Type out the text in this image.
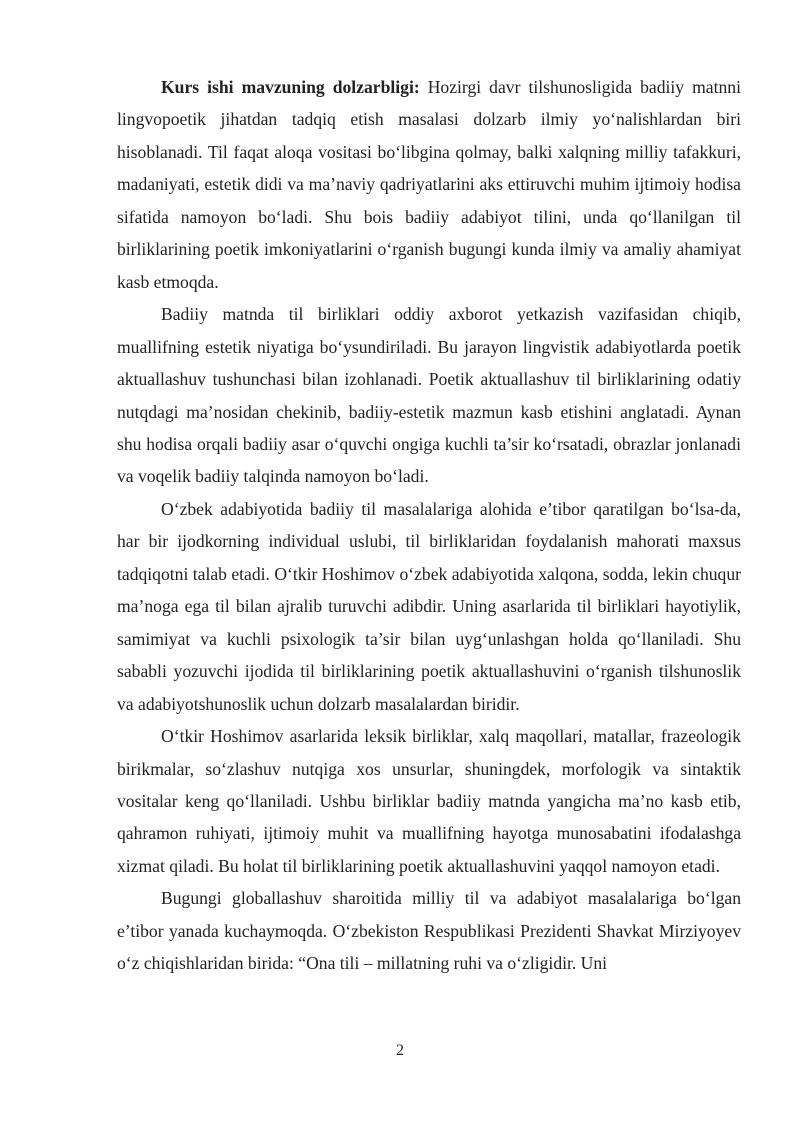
Kurs ishi mavzuning dolzarbligi: Hozirgi davr tilshunosligida badiiy matnni lingvopoetik jihatdan tadqiq etish masalasi dolzarb ilmiy yo‘nalishlardan biri hisoblanadi. Til faqat aloqa vositasi bo‘libgina qolmay, balki xalqning milliy tafakkuri, madaniyati, estetik didi va ma’naviy qadriyatlarini aks ettiruvchi muhim ijtimoiy hodisa sifatida namoyon bo‘ladi. Shu bois badiiy adabiyot tilini, unda qo‘llanilgan til birliklarining poetik imkoniyatlarini o‘rganish bugungi kunda ilmiy va amaliy ahamiyat kasb etmoqda.

Badiiy matnda til birliklari oddiy axborot yetkazish vazifasidan chiqib, muallifning estetik niyatiga bo‘ysundiriladi. Bu jarayon lingvistik adabiyotlarda poetik aktuallashuv tushunchasi bilan izohlanadi. Poetik aktuallashuv til birliklarining odatiy nutqdagi ma’nosidan chekinib, badiiy-estetik mazmun kasb etishini anglatadi. Aynan shu hodisa orqali badiiy asar o‘quvchi ongiga kuchli ta’sir ko‘rsatadi, obrazlar jonlanadi va voqelik badiiy talqinda namoyon bo‘ladi.

O‘zbek adabiyotida badiiy til masalalariga alohida e’tibor qaratilgan bo‘lsa-da, har bir ijodkorning individual uslubi, til birliklaridan foydalanish mahorati maxsus tadqiqotni talab etadi. O‘tkir Hoshimov o‘zbek adabiyotida xalqona, sodda, lekin chuqur ma’noga ega til bilan ajralib turuvchi adibdir. Uning asarlarida til birliklari hayotiylik, samimiyat va kuchli psixologik ta’sir bilan uyg‘unlashgan holda qo‘llaniladi. Shu sababli yozuvchi ijodida til birliklarining poetik aktuallashuvini o‘rganish tilshunoslik va adabiyotshunoslik uchun dolzarb masalalardan biridir.

O‘tkir Hoshimov asarlarida leksik birliklar, xalq maqollari, matallar, frazeologik birikmalar, so‘zlashuv nutqiga xos unsurlar, shuningdek, morfologik va sintaktik vositalar keng qo‘llaniladi. Ushbu birliklar badiiy matnda yangicha ma’no kasb etib, qahramon ruhiyati, ijtimoiy muhit va muallifning hayotga munosabatini ifodalashga xizmat qiladi. Bu holat til birliklarining poetik aktuallashuvini yaqqol namoyon etadi.

Bugungi globallashuv sharoitida milliy til va adabiyot masalalariga bo‘lgan e’tibor yanada kuchaymoqda. O‘zbekiston Respublikasi Prezidenti Shavkat Mirziyoyev o‘z chiqishlaridan birida: “Ona tili – millatning ruhi va o‘zligidir. Uni

2
